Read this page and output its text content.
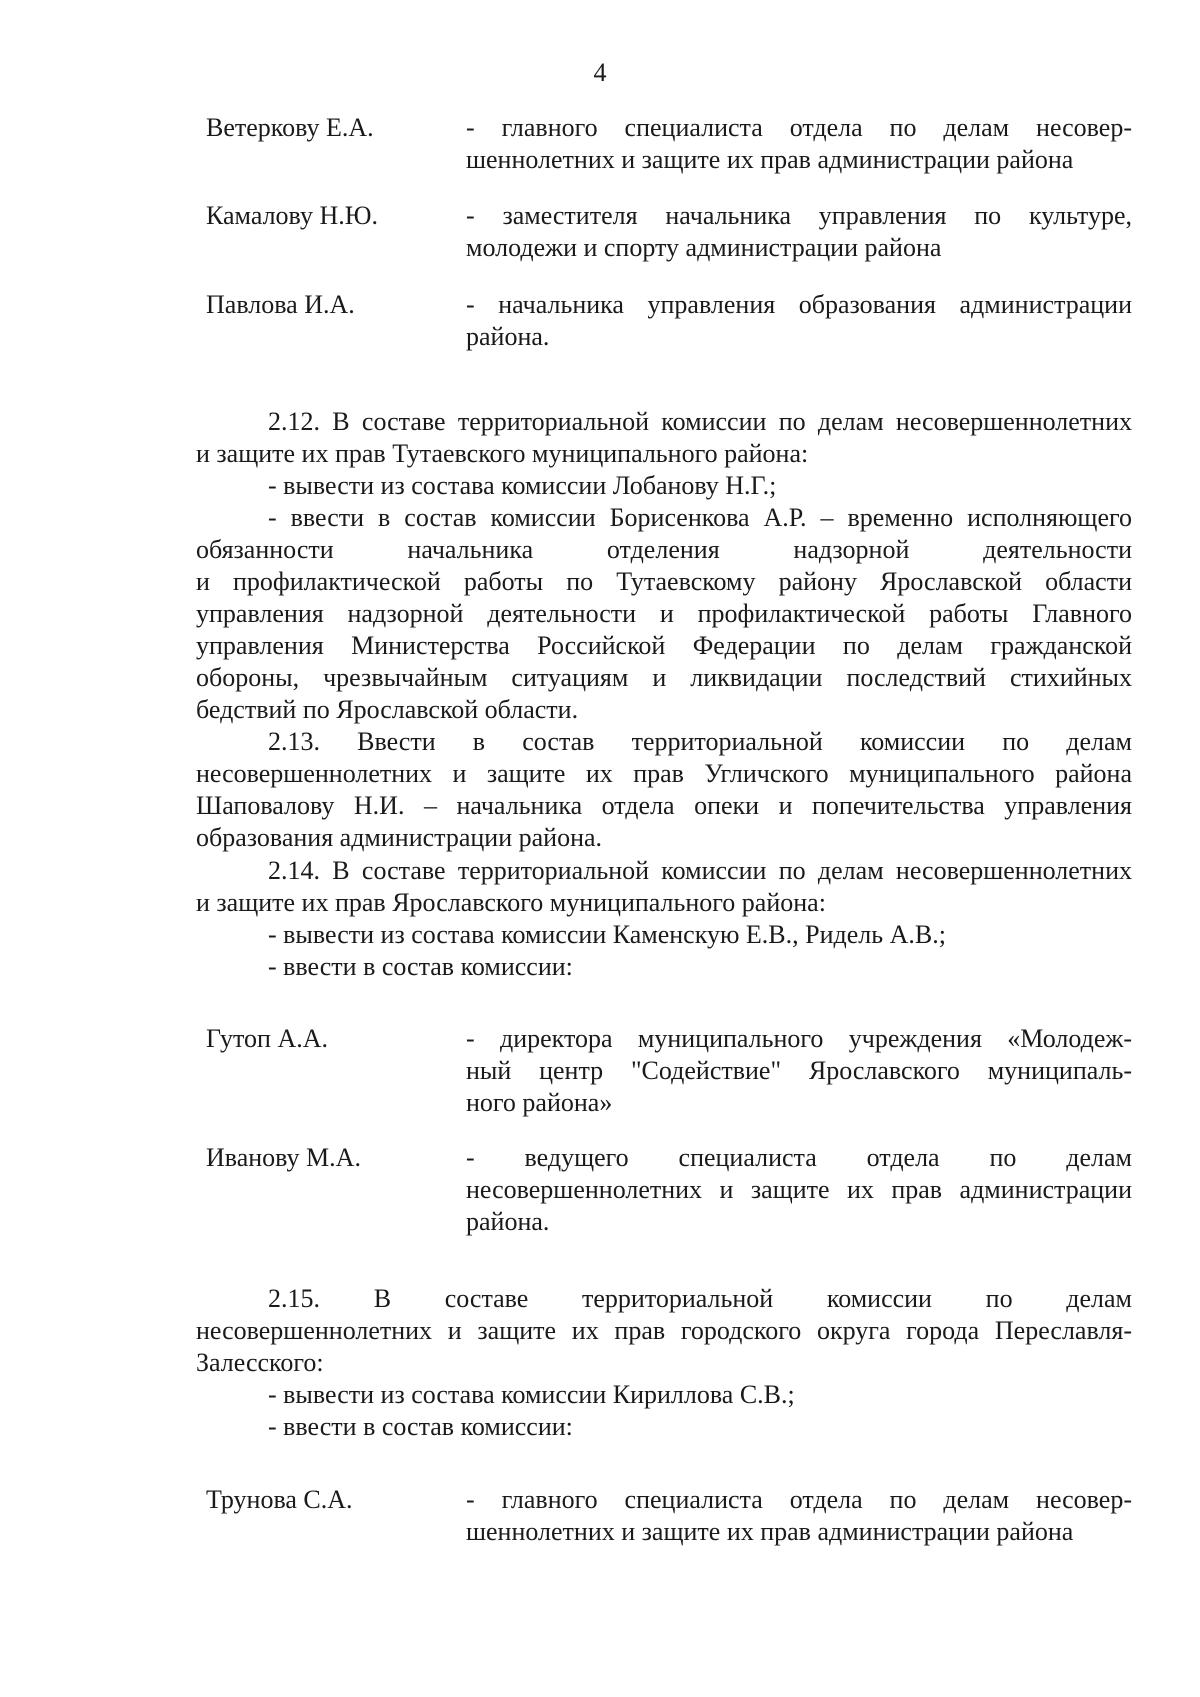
4
Ветеркову Е.А.	- главного специалиста отдела по делам несовер-
шеннолетних и защите их прав администрации района
Камалову Н.Ю.	- заместителя начальника управления по культуре,
молодежи и спорту администрации района
Павлова И.А.	- начальника управления образования администрации
района.
2.12. В составе территориальной комиссии по делам несовершеннолетних
и защите их прав Тутаевского муниципального района:
- вывести из состава комиссии Лобанову Н.Г.;
- ввести в состав комиссии Борисенкова А.Р. – временно исполняющего
обязанности начальника отделения надзорной деятельности
и профилактической работы по Тутаевскому району Ярославской области
управления надзорной деятельности и профилактической работы Главного
управления Министерства Российской Федерации по делам гражданской
обороны, чрезвычайным ситуациям и ликвидации последствий стихийных
бедствий по Ярославской области.
2.13. Ввести в состав территориальной комиссии по делам
несовершеннолетних и защите их прав Угличского муниципального района
Шаповалову Н.И. – начальника отдела опеки и попечительства управления
образования администрации района.
2.14. В составе территориальной комиссии по делам несовершеннолетних
и защите их прав Ярославского муниципального района:
- вывести из состава комиссии Каменскую Е.В., Ридель А.В.;
- ввести в состав комиссии:
Гутоп А.А.	- директора муниципального учреждения «Молодеж-
ный центр "Содействие" Ярославского муниципаль-
ного района»
Иванову М.А.	- ведущего специалиста отдела по делам
несовершеннолетних и защите их прав администрации
района.
2.15. В составе территориальной комиссии по делам
несовершеннолетних и защите их прав городского округа города Переславля-
Залесского:
- вывести из состава комиссии Кириллова С.В.;
- ввести в состав комиссии:
Трунова С.А.	- главного специалиста отдела по делам несовер-
шеннолетних и защите их прав администрации района
